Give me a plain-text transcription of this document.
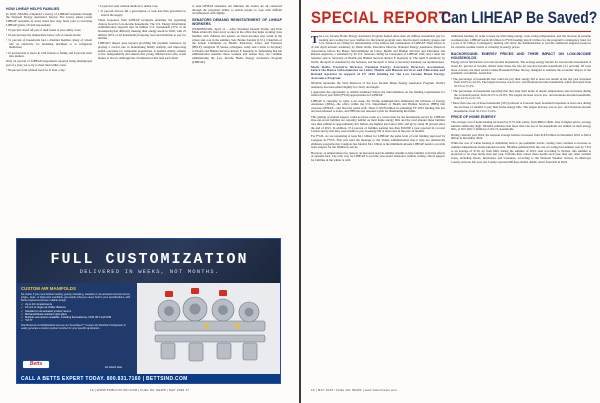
HOW LIHEAP HELPS FAMILIES

In 2018, NEADA completed a survey of LIHEAP recipients through the National Energy Assistance Survey. The survey asked recent LIHEAP recipients in seven states how they fared prior to receiving LIHEAP grants. Of 424 respondents:

• 37 percent closed off part of their home to save utility costs;

• 25 percent kept the temperature below safe or unsafe levels;

• 51 percent of households had a disabled member, many of whom rely on electricity for breathing machines or to refrigerate medicines;

• 22 percent had to move in with friends or family and 6 percent went into shelters.

Only 16 percent of LIHEAP respondents reported being unemployed part of a year, yet to try to meet their utility costs:

• 36 percent went without food for at least a day;

• 41 percent went without medical or dental care;

• 31 percent did not fill a prescription or took less than prescribed to stretch the supply.

These responses from LIHEAP recipients underline the agonizing choices faced by low-income households. The U.S. Energy Information Administration reported that 34 million U.S. households (27% of all households) had difficulty meeting their energy needs in 2020, with 25 million (20% of all households) forgoing food and medicine to pay for utilities.

LIHEAP's impact goes beyond providing bill payment assistance by playing a crucial role in maintaining family stability and improving health outcomes for vulnerable populations. It enables elderly citizens to live independently and ensures that young children have safe, warm homes to live in. Although the circumstances that lead each client

to seek LIHEAP assistance are different, the stories are all connected through the programs' ability to enable people to cope with difficult circumstances with dignity.

SENATORS DEMAND REINSTATEMENT OF LIHEAP WORKERS

WASHINGTON, April 11 – After President Donald Trump and Elon Musk arbitrarily fired every worker in the office that helps working class families with children and seniors on fixed incomes stay warm in the winter and cool in the summer, Sen. Bernie Sanders (I-Vt.), Chairman of the Senate Committee on Health, Education, Labor, and Pensions (HELP), alongside 35 Senate colleagues, today sent a letter to Secretary of Health and Human Services Robert F. Kennedy Jr. demanding that the administration reinstate those workers and ensure they can continue administering the Low Income Home Energy Assistance Program (LIHEAP).

FULL CUSTOMIZATION
DELIVERED IN WEEKS, NOT MONTHS.
CUSTOM AIR MANIFOLDS
No matter if you need bottom loading, gravity unloading, standard or air-actuated internal returns, single-, dual-, or triple-tank manifolds, get exactly what you need, built to your specifications, with Betts-engineered proven reliable design.
✔ Up to 10 compartments
✔ 12 inch or larger air-holder distance
✔ Standard or air-actuated product returns
✔ Methanol/diesel-resistant sight glass
✔ Multiple seal options available, including fluorosilicone, FKM, BLT and FKM
✔ "GT-5"
Visit BettsInd.com/AirManifold and use our SmartSpec™ Custom Air Manifold Configurator to easily generate a custom product number for your specific application.
Betts
Do what's best.
CALL A BETTS EXPERT TODAY. 800.831.7160 | BETTSIND.COM
16 | WWW.PUBLICATION.COM | FUEL OIL NEWS | MAY 2025 17
SPECIAL REPORT:
Can LIHEAP Be Saved?

The Low Income Home Energy Assistance Program helped more than six million households pay for heating and cooling last year. Staffers for the federal program were fired in April. Industry groups and U.S. Senators are calling for reinstatement of the staffers and continuation of LIHEAP. Their efforts as of late April include: testimony by Mark Wolfe, Executive Director, National Energy Assistance Directors Association, before the House Subcommittee on Labor, Health and Human Services and Education and Related Agencies; a statement by 36 U.S. Senators calling for restoration of LIHEAP staff; and a letter the Senators sent to Secretary of Health and Human Services Robert F. Kennedy Jr. The April 9 testimony by Wolfe, the April 11 statement by the Senators, and the April 11 letter to Secretary Kennedy are reprinted here.

Mark Wolfe, Executive Director, National Energy Assistance Directors Association, before the House Subcommittee on Labor, Health and Human Services and Education and Related Agencies in support of FY 2026 funding for the Low Income Home Energy Assistance Program.

NEADA represents the State Directors of the Low Income Home Energy Assistance Program. Wolfe's testimony has been edited slightly for clarity and length.

I appreciate the opportunity to submit testimony before the Subcommittee on the funding requirements for federal fiscal year 2026 (FY26) appropriation for LIHEAP.

LIHEAP is currently in crisis. Last week, the Trump Administration eliminated the Division of Energy Assistance (DEA)—the office within the U.S. Department of Health and Human Services (HHS) that oversees LIHEAP—and fired the entire staff. There is $378 million in remaining FY 2025 funding that has not been released to states, and HHS has not released a plan for distributing the funds.

This gutting of federal support could not have come at a worse time for the households served by LIHEAP. One-out-of-six families are currently behind on their home energy bills and the total amount these families owe their utilities is approximately $21 billion, the highest level since 2021 and up by about 30 percent since the end of 2021. In addition, 37.4 percent of families earning less than $50,000 a year reported in a recent Census survey that they were unable to pay an energy bill at least once in the past 12 months.

For FY26, we are requesting at least $4.1 billion for LIHEAP, the same level of total funding approved by Congress in FY25. This will send the message to the Trump Administration that it may not unilaterally eliminate programs that Congress has funded. $4.1 billion is the minimum amount LIHEAP needs to provide basic support for the families it serves.

However, as temperatures rise, there is an increased need in summer months to help families avoid the effects of extreme heat. The only way for LIHEAP to provide year-round assistance without cutting critical support for families in the winter is with

additional funding. In order to keep up with rising energy costs, rising temperatures, and the increase in extreme weatherevents, LIHEAP needs $6 billion in FY26 funding plus $1 billion for the program's contingency fund, for a total of $7 billion. Contingency funding will allow the Administration to provide additional targeted resources for extreme weather events or volatility in energy prices.

BACKGROUND: ENERGY PRICES AND THEIR IMPACT ON LOW-INCOME HOUSEHOLDS

Energy prices fall hardest on lower-income households. The average energy burden for low-income households is about 8.1 percent of income, almost three times the rate for non-low-income households (3.1 percent). Of even more concern, the most recent Census Household Pulse Survey, designed to estimate the economic impact of the pandemic on families, found that:

• The percentage of households that could not pay their energy bill at least one month in the last year increased from 22.0% to 22.4%. The largest increase was in low- and moderate-income households, which increased from 35.5% to 37.4%.

• The percentage of households reporting that they kept their home at unsafe temperatures also increased during the 12-month period, from 22.2% to 22.8%. The largest increase was in low- and moderate-income households, from 24.1% to 27.1%.

• More than one out of three households (34%) reduced or forewent basic household expenses at least once during the previous 12 months to pay their home energy bills. The largest increase was in low- and moderate-income households, from 50.1% to 51.6%.

PRICE OF HOME ENERGY

The average cost of home heating increased by 8.7% this winter, from $866 to $941. Due to higher prices, average remains stubbornly high. NEADA estimates that more than one out of six households are behind on their energy bills, at 16% ($21.5 million) of all U.S. households.

During calendar year 2024, the national average balance increased from $18.6 billion in December 2023 to $20.4 billion in December 2024.

While the cost of winter heating is stabilizing back to pre-pandemic levels, cooling costs continue to increase as summer temperatures break national records. NEADA estimated that the cost of cooling last summer rose by 7.9% to an average of $719, up from $661 during the summer of 2023. And according to NOAA, this summer is projected to be even hotter than last year. Extreme heat causes more deaths each year than any other weather event, including floods, hurricanes, and tornadoes, according to the National Weather Service. In Maricopa County, Arizona last year, the County reported 606 heat-related deaths, down from 645 in 2023.

16 | MAY 2025 / FUEL OIL NEWS | www.fueloilnews.com
